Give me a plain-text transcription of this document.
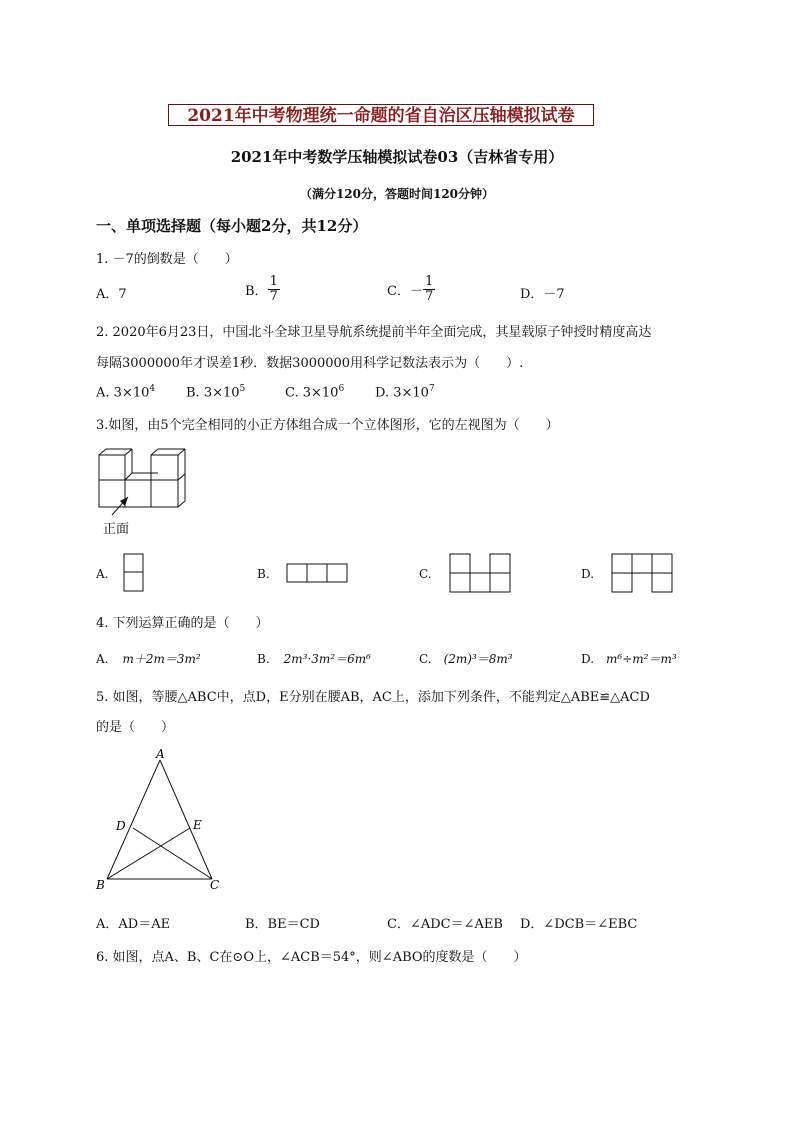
2021年中考物理统一命题的省自治区压轴模拟试卷
2021年中考数学压轴模拟试卷03（吉林省专用）
（满分120分，答题时间120分钟）
一、单项选择题（每小题2分，共12分）
1. －7的倒数是（　　）
A．7	B． $\frac{1}{7}$	C．－ $\frac{1}{7}$	D．－7
2. 2020年6月23日，中国北斗全球卫星导航系统提前半年全面完成，其星载原子钟授时精度高达
每隔3000000年才误差1秒．数据3000000用科学记数法表示为（　　）.
A. $3\times 10^4$ B. $3\times 10^5$	C. $3\times 10^6$ D. $3\times 10^7$
3.如图，由5个完全相同的小正方体组合成一个立体图形，它的左视图为（　　）
正面
A.	B.	C.	D.
4. 下列运算正确的是（　　）
A. m＋2m＝3m²	B. 2m³·3m²＝6m⁶	C. (2m)³＝8m³	D. m⁶÷m²＝m³
5. 如图，等腰△ABC中，点D，E分别在腰AB，AC上，添加下列条件，不能判定△ABE≌△ACD
的是（　　）
A
D	E
B	C
A．AD＝AE	B．BE＝CD	C．∠ADC＝∠AEB D．∠DCB＝∠EBC
6. 如图，点A、B、C在⊙O上，∠ACB＝54°，则∠ABO的度数是（　　）
